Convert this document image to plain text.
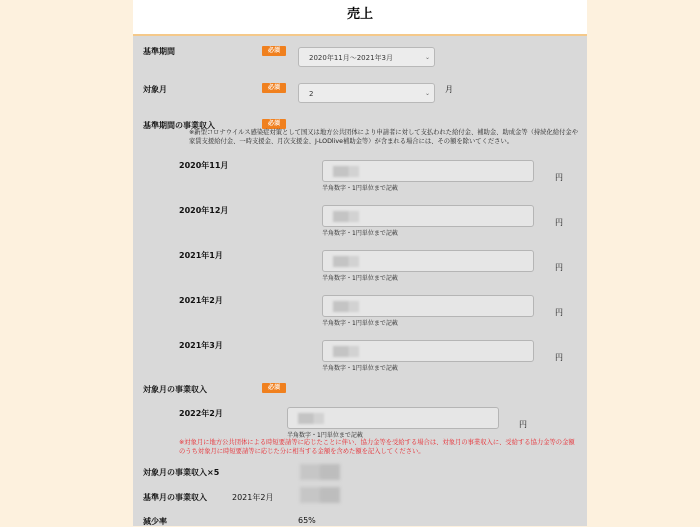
売上
基準期間	必須
2020年11月～2021年3月	⌄
対象月	必須
2	⌄ 月
基準期間の事業収入	必須
※新型コロナウイルス感染症対策として国又は地方公共団体により申請者に対して支払われた給付金、補助金、助成金等（持続化給付金や家賃支援給付金、一時支援金、月次支援金、J-LODlive補助金等）が含まれる場合には、その額を除いてください。
2020年11月
円
半角数字・1円単位まで記載
2020年12月
円
半角数字・1円単位まで記載
2021年1月
円
半角数字・1円単位まで記載
2021年2月
円
半角数字・1円単位まで記載
2021年3月
円
半角数字・1円単位まで記載
対象月の事業収入	必須
2022年2月
円
半角数字・1円単位まで記載
※対象月に地方公共団体による時短要請等に応じたことに伴い、協力金等を受給する場合は、対象月の事業収入に、受給する協力金等の金額のうち対象月に時短要請等に応じた分に相当する金額を含めた額を記入してください。
対象月の事業収入×5
基準月の事業収入	2021年2月
減少率	65%
